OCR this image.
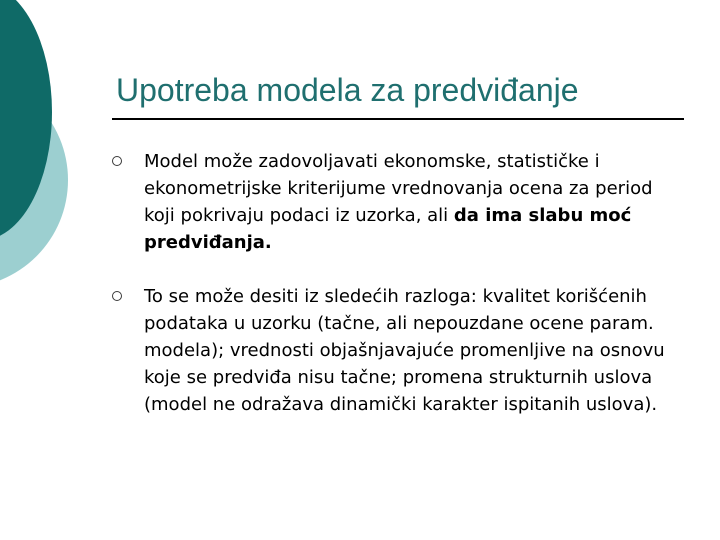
Upotreba modela za predviđanje
Model može zadovoljavati ekonomske, statističke i ekonometrijske kriterijume vrednovanja ocena za period koji pokrivaju podaci iz uzorka, ali da ima slabu moć predviđanja.
To se može desiti iz sledećih razloga: kvalitet korišćenih podataka u uzorku (tačne, ali nepouzdane ocene param. modela); vrednosti objašnjavajuće promenljive na osnovu koje se predviđa nisu tačne; promena strukturnih uslova (model ne odražava dinamički karakter ispitanih uslova).
